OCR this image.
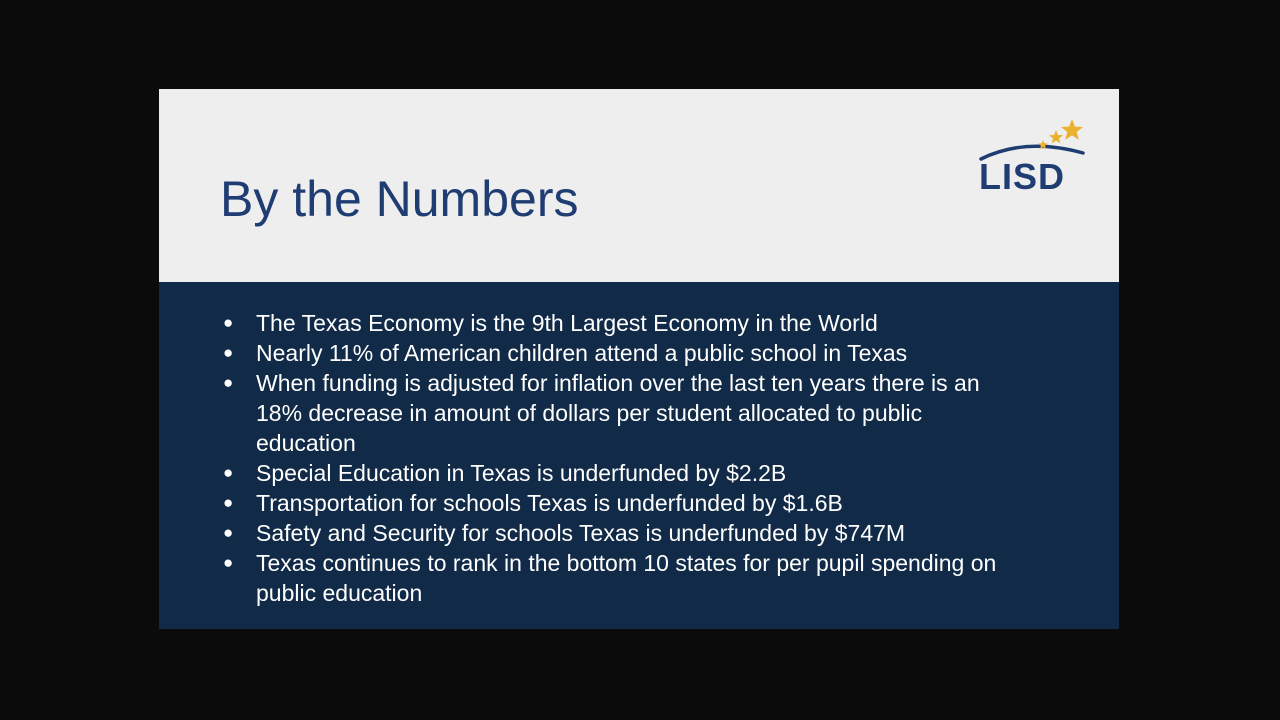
By the Numbers	LISD
● The Texas Economy is the 9th Largest Economy in the World
● Nearly 11% of American children attend a public school in Texas
● When funding is adjusted for inflation over the last ten years there is an 18% decrease in amount of dollars per student allocated to public education
● Special Education in Texas is underfunded by $2.2B
● Transportation for schools Texas is underfunded by $1.6B
● Safety and Security for schools Texas is underfunded by $747M
● Texas continues to rank in the bottom 10 states for per pupil spending on public education
